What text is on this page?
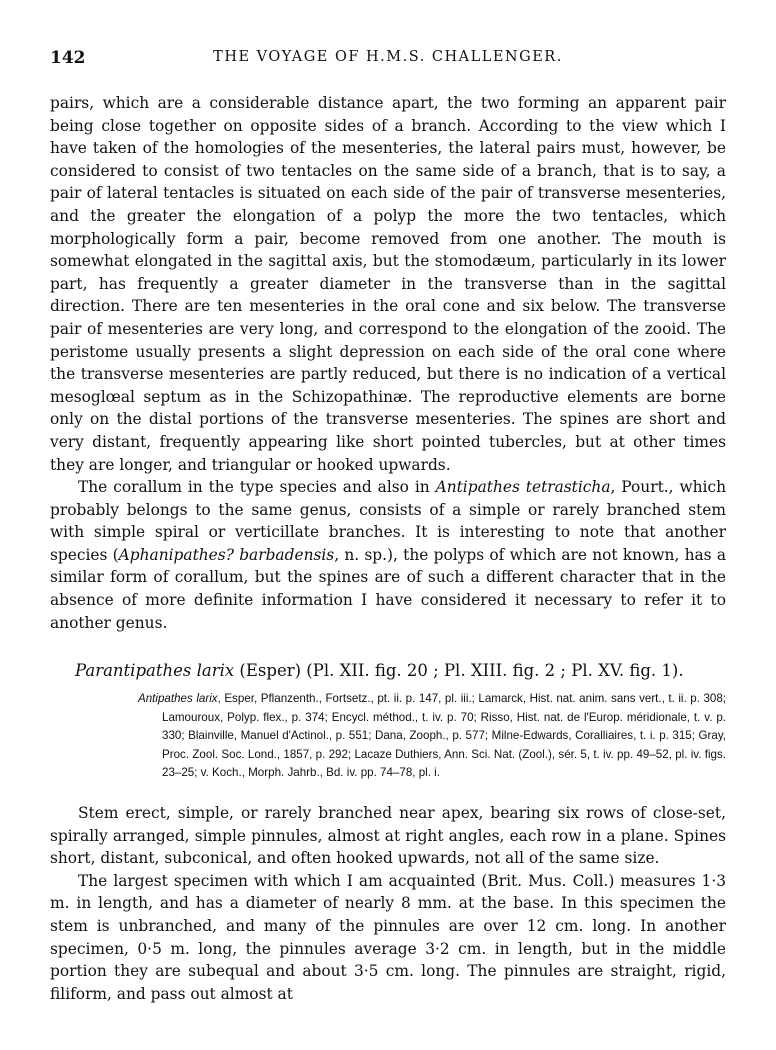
142	THE VOYAGE OF H.M.S. CHALLENGER.

pairs, which are a considerable distance apart, the two forming an apparent pair being close together on opposite sides of a branch. According to the view which I have taken of the homologies of the mesenteries, the lateral pairs must, however, be considered to consist of two tentacles on the same side of a branch, that is to say, a pair of lateral tentacles is situated on each side of the pair of transverse mesenteries, and the greater the elongation of a polyp the more the two tentacles, which morphologically form a pair, become removed from one another. The mouth is somewhat elongated in the sagittal axis, but the stomodæum, particularly in its lower part, has frequently a greater diameter in the transverse than in the sagittal direction. There are ten mesenteries in the oral cone and six below. The transverse pair of mesenteries are very long, and correspond to the elongation of the zooid. The peristome usually presents a slight depression on each side of the oral cone where the transverse mesenteries are partly reduced, but there is no indication of a vertical mesoglœal septum as in the Schizopathinæ. The reproductive elements are borne only on the distal portions of the transverse mesenteries. The spines are short and very distant, frequently appearing like short pointed tubercles, but at other times they are longer, and triangular or hooked upwards.

The corallum in the type species and also in Antipathes tetrasticha, Pourt., which probably belongs to the same genus, consists of a simple or rarely branched stem with simple spiral or verticillate branches. It is interesting to note that another species (Aphanipathes? barbadensis, n. sp.), the polyps of which are not known, has a similar form of corallum, but the spines are of such a different character that in the absence of more definite information I have considered it necessary to refer it to another genus.

Parantipathes larix (Esper) (Pl. XII. fig. 20 ; Pl. XIII. fig. 2 ; Pl. XV. fig. 1).
Antipathes larix, Esper, Pflanzenth., Fortsetz., pt. ii. p. 147, pl. iii.; Lamarck, Hist. nat. anim. sans vert., t. ii. p. 308; Lamouroux, Polyp. flex., p. 374; Encycl. méthod., t. iv. p. 70; Risso, Hist. nat. de l'Europ. méridionale, t. v. p. 330; Blainville, Manuel d'Actinol., p. 551; Dana, Zooph., p. 577; Milne-Edwards, Coralliaires, t. i. p. 315; Gray, Proc. Zool. Soc. Lond., 1857, p. 292; Lacaze Duthiers, Ann. Sci. Nat. (Zool.), sér. 5, t. iv. pp. 49–52, pl. iv. figs. 23–25; v. Koch., Morph. Jahrb., Bd. iv. pp. 74–78, pl. i.

Stem erect, simple, or rarely branched near apex, bearing six rows of close-set, spirally arranged, simple pinnules, almost at right angles, each row in a plane. Spines short, distant, subconical, and often hooked upwards, not all of the same size.

The largest specimen with which I am acquainted (Brit. Mus. Coll.) measures 1·3 m. in length, and has a diameter of nearly 8 mm. at the base. In this specimen the stem is unbranched, and many of the pinnules are over 12 cm. long. In another specimen, 0·5 m. long, the pinnules average 3·2 cm. in length, but in the middle portion they are subequal and about 3·5 cm. long. The pinnules are straight, rigid, filiform, and pass out almost at
